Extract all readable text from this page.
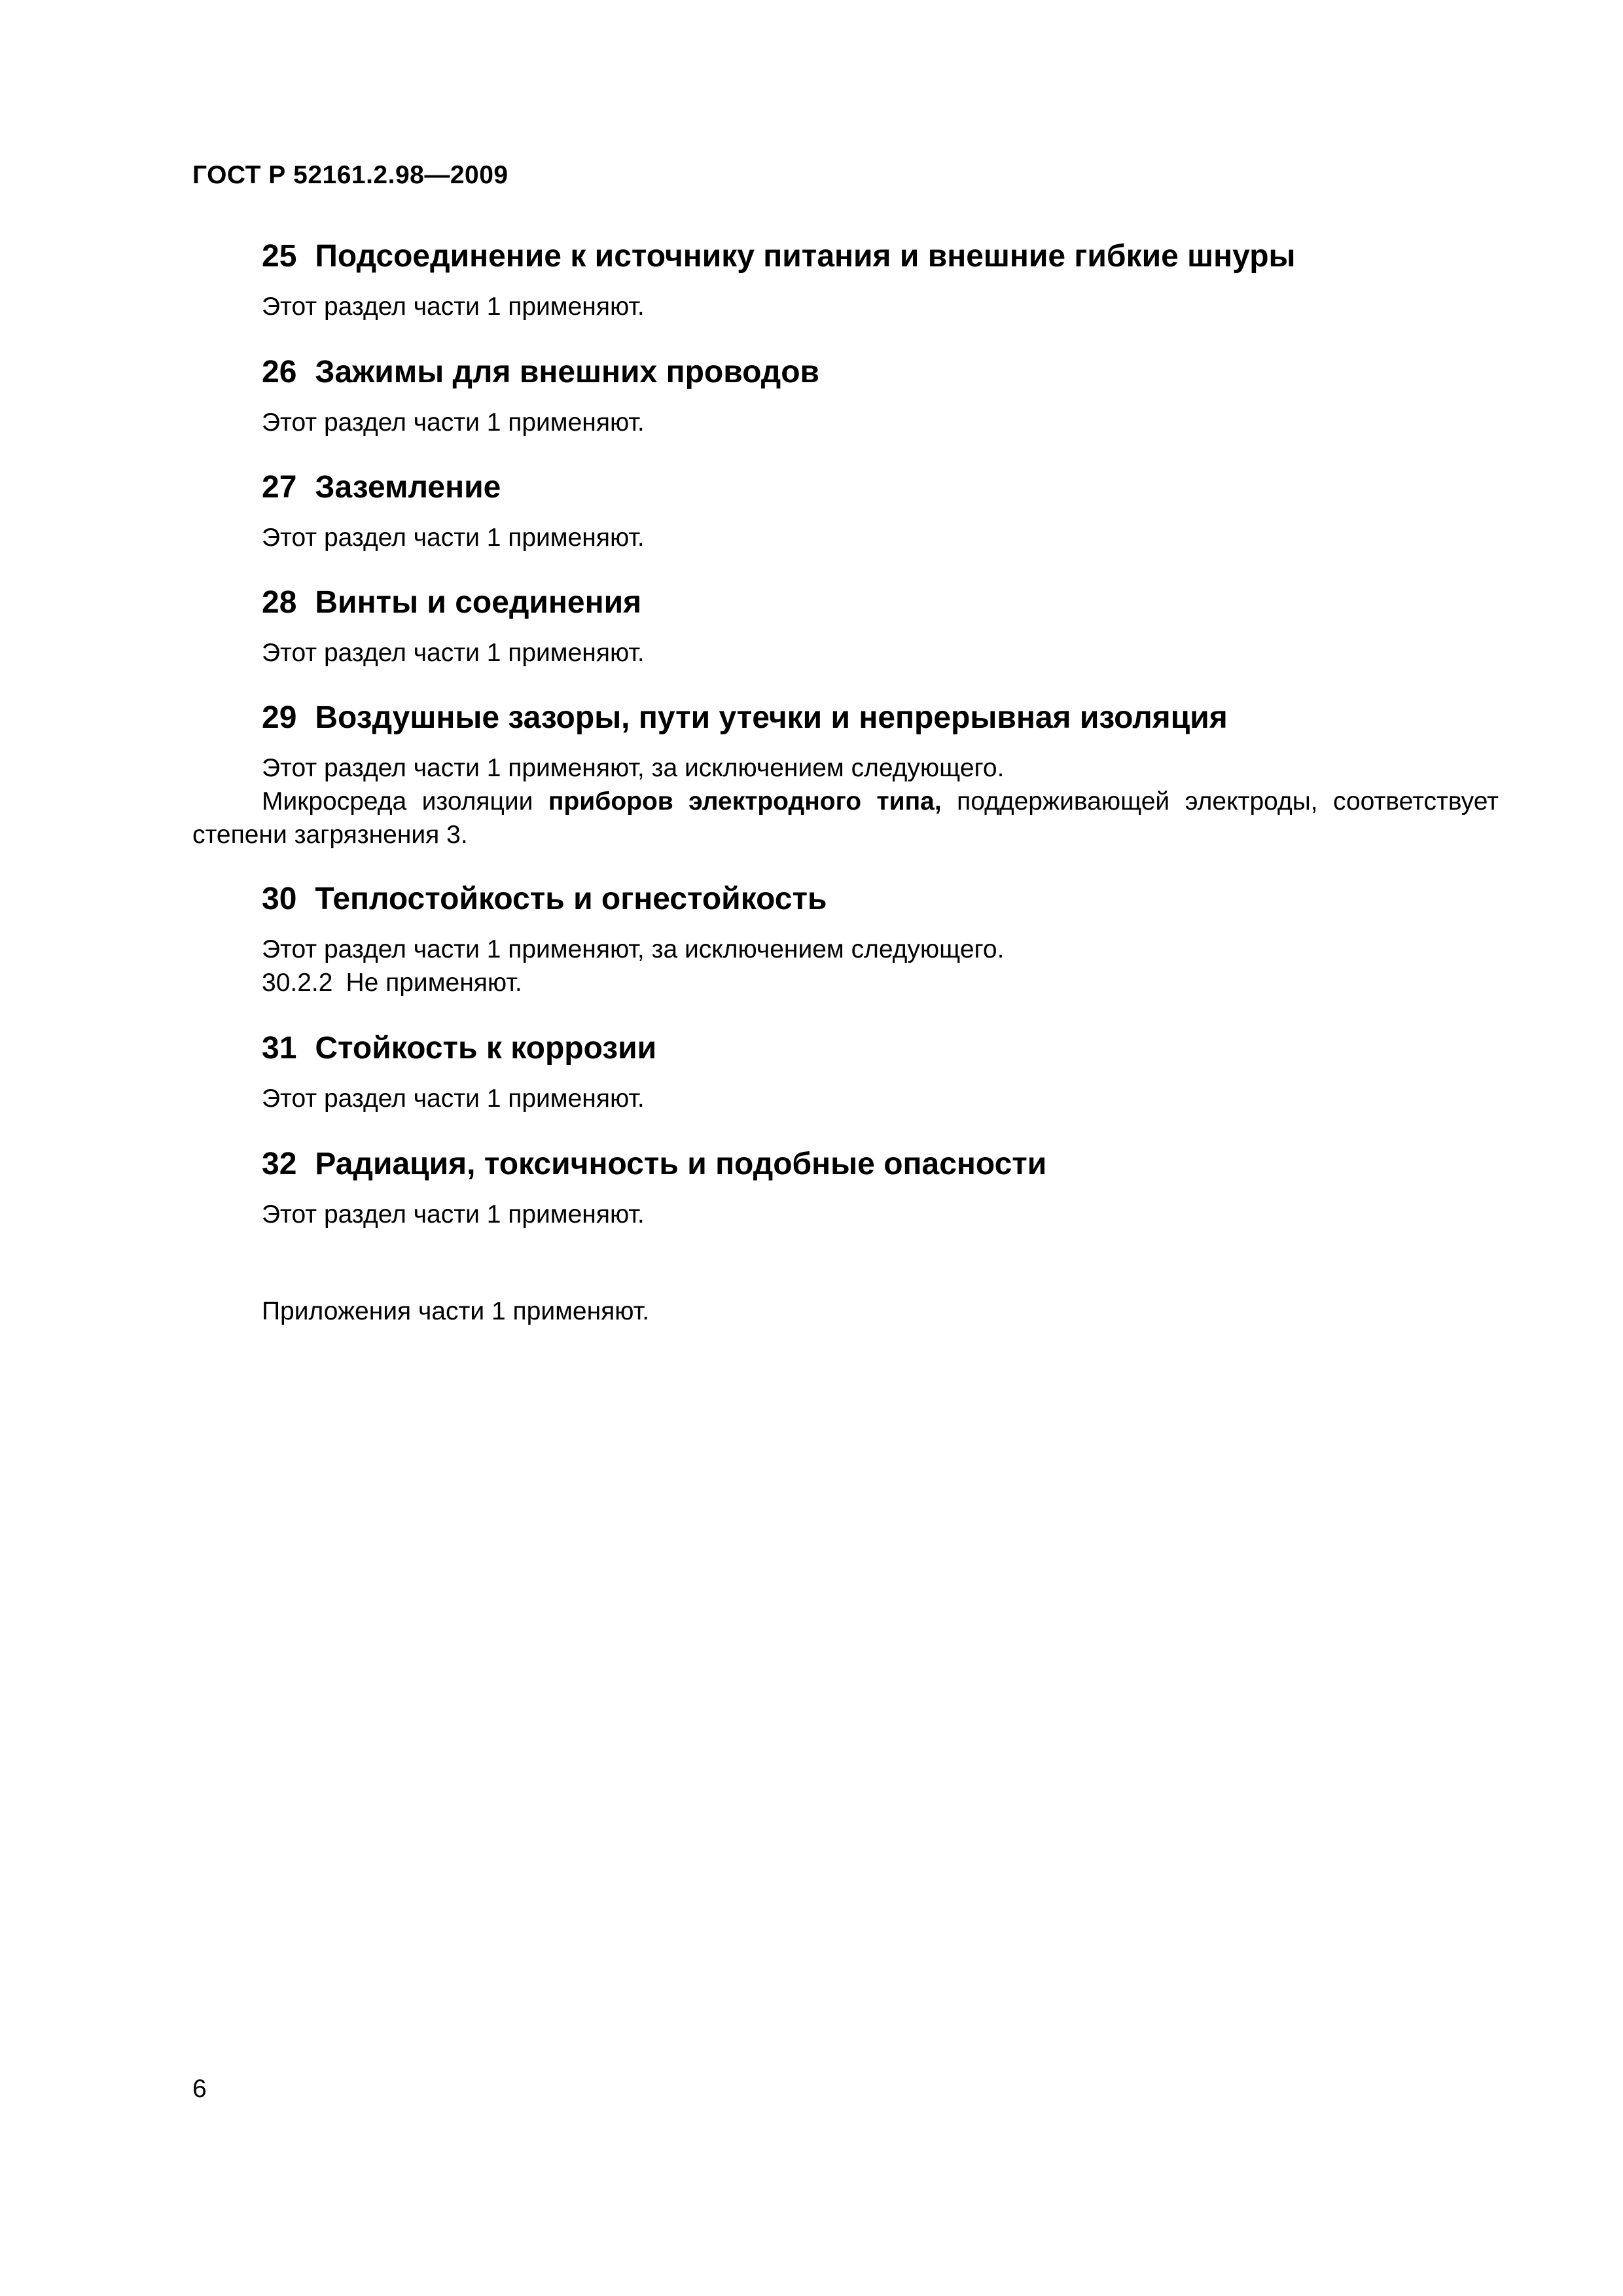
ГОСТ Р 52161.2.98—2009
25 Подсоединение к источнику питания и внешние гибкие шнуры
Этот раздел части 1 применяют.
26 Зажимы для внешних проводов
Этот раздел части 1 применяют.
27 Заземление
Этот раздел части 1 применяют.
28 Винты и соединения
Этот раздел части 1 применяют.
29 Воздушные зазоры, пути утечки и непрерывная изоляция
Этот раздел части 1 применяют, за исключением следующего.
Микросреда изоляции приборов электродного типа, поддерживающей электроды, соответствует степени загрязнения 3.
30 Теплостойкость и огнестойкость
Этот раздел части 1 применяют, за исключением следующего.
30.2.2 Не применяют.
31 Стойкость к коррозии
Этот раздел части 1 применяют.
32 Радиация, токсичность и подобные опасности
Этот раздел части 1 применяют.
Приложения части 1 применяют.
6
